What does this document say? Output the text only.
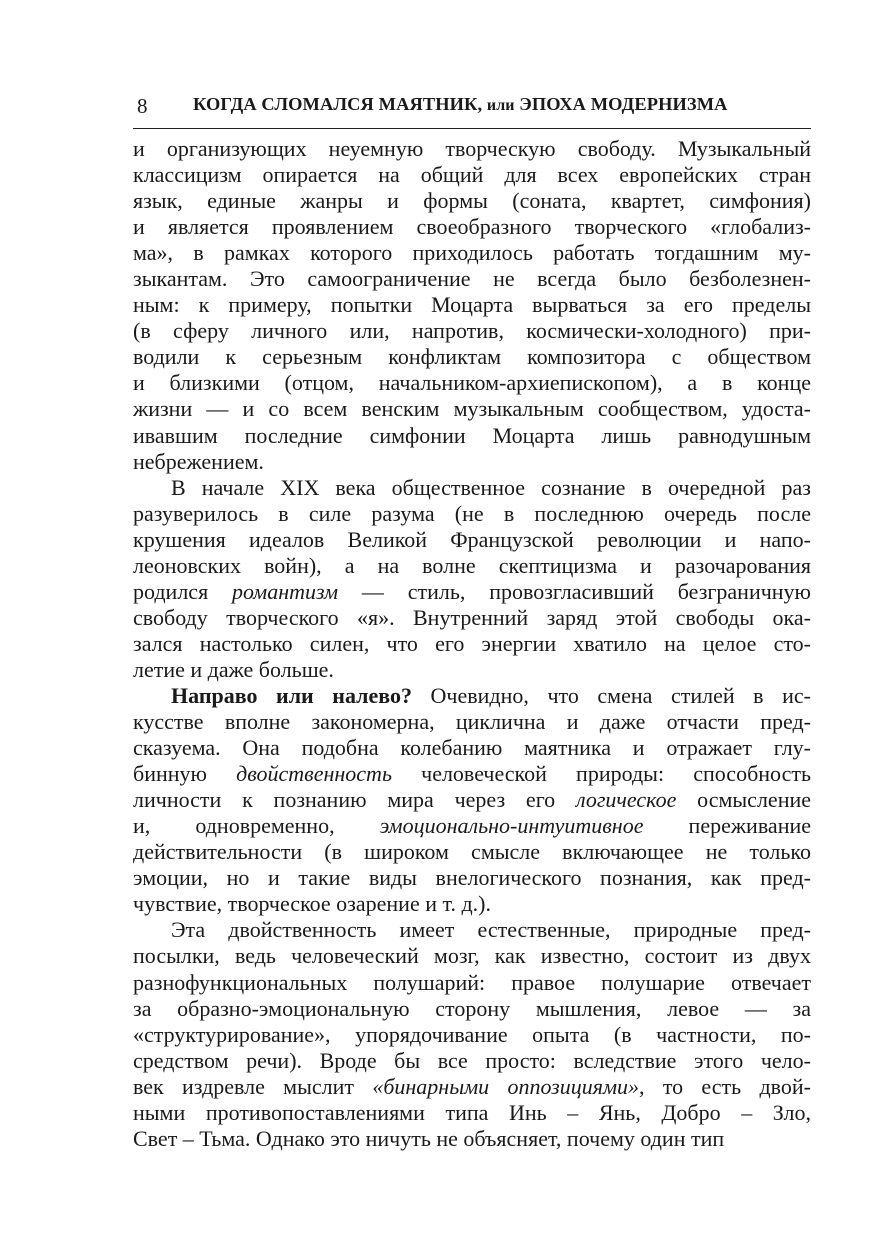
8 КОГДА СЛОМАЛСЯ МАЯТНИК, или ЭПОХА МОДЕРНИЗМА
и организующих неуемную творческую свободу. Музыкальный
классицизм опирается на общий для всех европейских стран
язык, единые жанры и формы (соната, квартет, симфония)
и является проявлением своеобразного творческого «глобализ-
ма», в рамках которого приходилось работать тогдашним му-
зыкантам. Это самоограничение не всегда было безболезнен-
ным: к примеру, попытки Моцарта вырваться за его пределы
(в сферу личного или, напротив, космически-холодного) при-
водили к серьезным конфликтам композитора с обществом
и близкими (отцом, начальником-архиепископом), а в конце
жизни — и со всем венским музыкальным сообществом, удоста-
ивавшим последние симфонии Моцарта лишь равнодушным
небрежением.
В начале XIX века общественное сознание в очередной раз
разуверилось в силе разума (не в последнюю очередь после
крушения идеалов Великой Французской революции и напо-
леоновских войн), а на волне скептицизма и разочарования
родился романтизм — стиль, провозгласивший безграничную
свободу творческого «я». Внутренний заряд этой свободы ока-
зался настолько силен, что его энергии хватило на целое сто-
летие и даже больше.
Направо или налево? Очевидно, что смена стилей в ис-
кусстве вполне закономерна, циклична и даже отчасти пред-
сказуема. Она подобна колебанию маятника и отражает глу-
бинную двойственность человеческой природы: способность
личности к познанию мира через его логическое осмысление
и, одновременно, эмоционально-интуитивное переживание
действительности (в широком смысле включающее не только
эмоции, но и такие виды внелогического познания, как пред-
чувствие, творческое озарение и т. д.).
Эта двойственность имеет естественные, природные пред-
посылки, ведь человеческий мозг, как известно, состоит из двух
разнофункциональных полушарий: правое полушарие отвечает
за образно-эмоциональную сторону мышления, левое — за
«структурирование», упорядочивание опыта (в частности, по-
средством речи). Вроде бы все просто: вследствие этого чело-
век издревле мыслит «бинарными оппозициями», то есть двой-
ными противопоставлениями типа Инь – Янь, Добро – Зло,
Свет – Тьма. Однако это ничуть не объясняет, почему один тип
